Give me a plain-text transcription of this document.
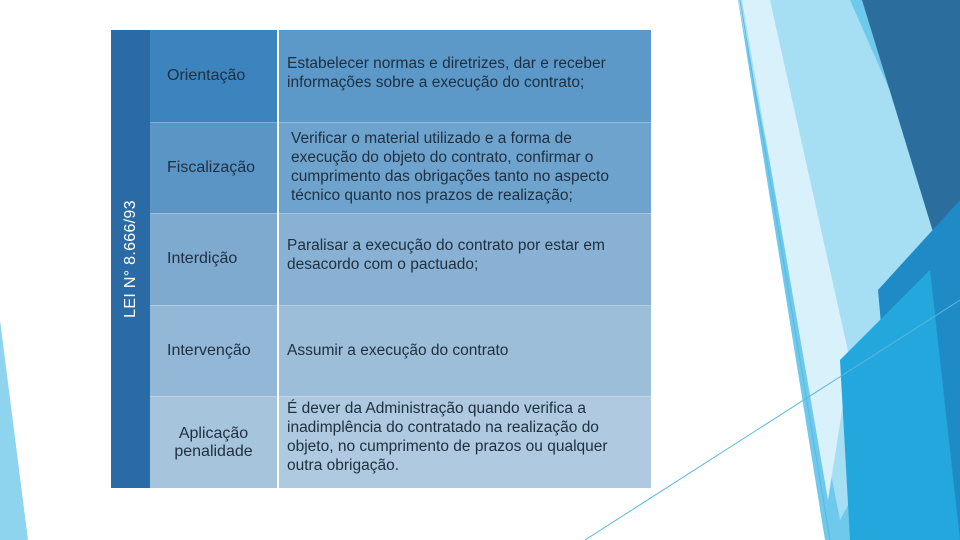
LEI N° 8.666/93
Orientação
Estabelecer normas e diretrizes, dar e receber informações sobre a execução do contrato;
Fiscalização
Verificar o material utilizado e a forma de execução do objeto do contrato, confirmar o cumprimento das obrigações tanto no aspecto técnico quanto nos prazos de realização;
Interdição
Paralisar a execução do contrato por estar em desacordo com o pactuado;
Intervenção	Assumir a execução do contrato
Aplicação penalidade
É dever da Administração quando verifica a inadimplência do contratado na realização do objeto, no cumprimento de prazos ou qualquer outra obrigação.
